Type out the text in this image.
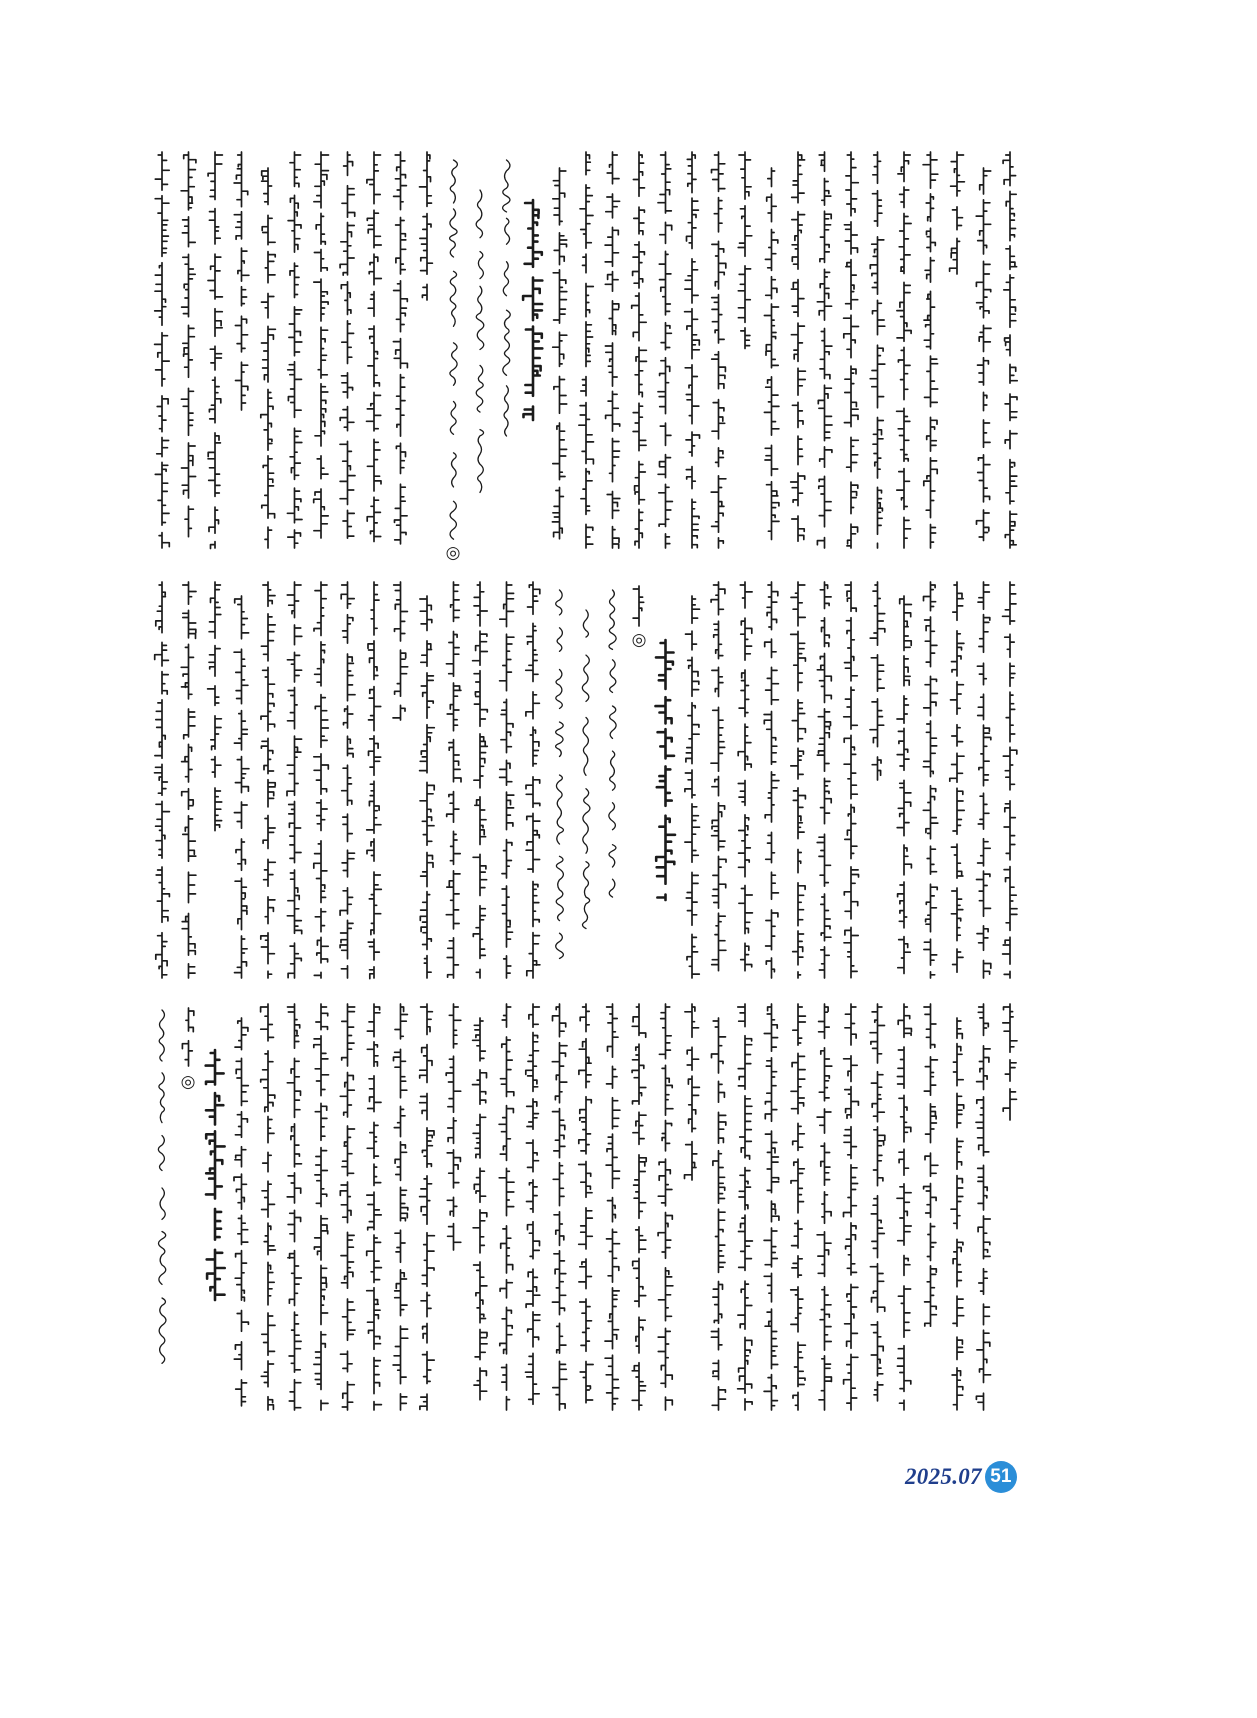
◎
◎
◎
2025.07 51
